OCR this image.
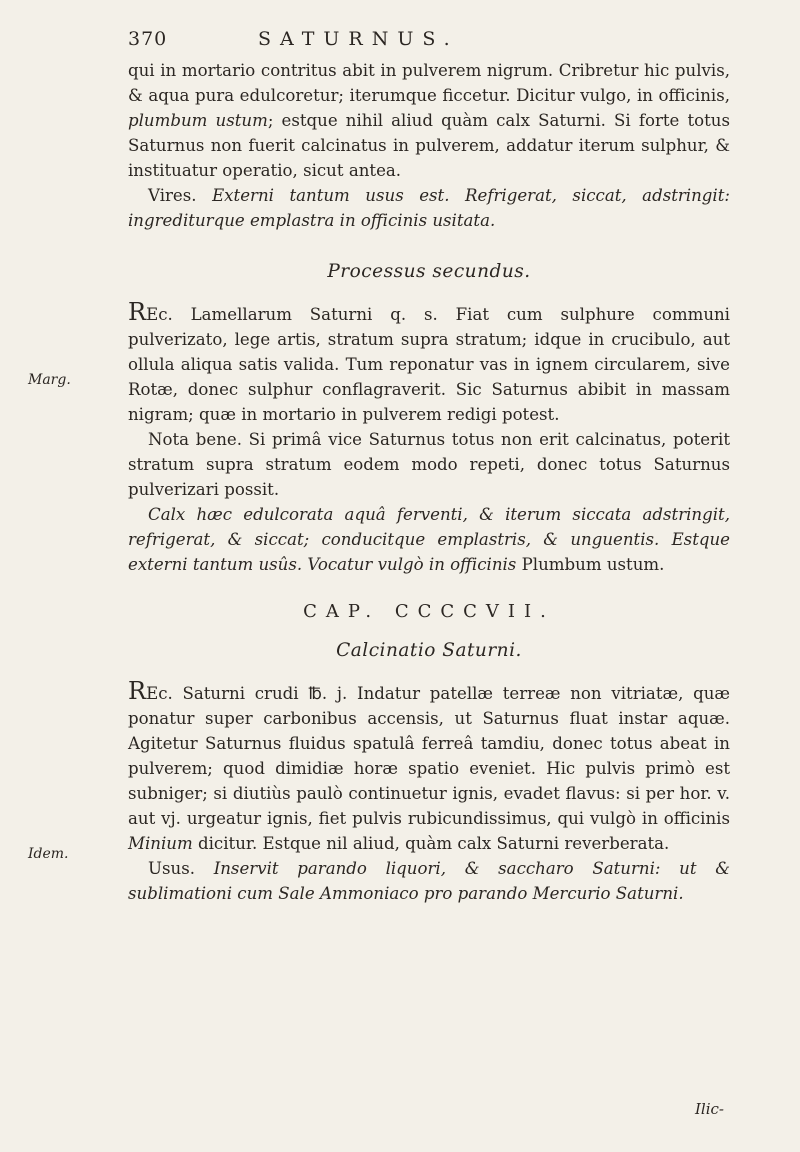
370	SATURNUS.
Marg.
Idem.

qui in mortario contritus abit in pulverem nigrum. Cribretur hic pulvis, & aqua pura edulcoretur; iterumque ficcetur. Dicitur vulgo, in officinis, plumbum ustum; estque nihil aliud quàm calx Saturni. Si forte totus Saturnus non fuerit calcinatus in pulverem, addatur iterum sulphur, & instituatur operatio, sicut antea.

Vires. Externi tantum usus est. Refrigerat, siccat, adstringit: ingrediturque emplastra in officinis usitata.

Processus secundus.

REc. Lamellarum Saturni q. s. Fiat cum sulphure communi pulverizato, lege artis, stratum supra stratum; idque in crucibulo, aut ollula aliqua satis valida. Tum reponatur vas in ignem circularem, sive Rotæ, donec sulphur conflagraverit. Sic Saturnus abibit in massam nigram; quæ in mortario in pulverem redigi potest.

Nota bene. Si primâ vice Saturnus totus non erit calcinatus, poterit stratum supra stratum eodem modo repeti, donec totus Saturnus pulverizari possit.

Calx hæc edulcorata aquâ ferventi, & iterum siccata adstringit, refrigerat, & siccat; conducitque emplastris, & unguentis. Estque externi tantum usûs. Vocatur vulgò in officinis Plumbum ustum.

CAP. CCCCVII.
Calcinatio Saturni.

REc. Saturni crudi ℔. j. Indatur patellæ terreæ non vitriatæ, quæ ponatur super carbonibus accensis, ut Saturnus fluat instar aquæ. Agitetur Saturnus fluidus spatulâ ferreâ tamdiu, donec totus abeat in pulverem; quod dimidiæ horæ spatio eveniet. Hic pulvis primò est subniger; si diutiùs paulò continuetur ignis, evadet flavus: si per hor. v. aut vj. urgeatur ignis, fiet pulvis rubicundissimus, qui vulgò in officinis Minium dicitur. Estque nil aliud, quàm calx Saturni reverberata.

Usus. Inservit parando liquori, & saccharo Saturni: ut & sublimationi cum Sale Ammoniaco pro parando Mercurio Saturni.

Ilic-
